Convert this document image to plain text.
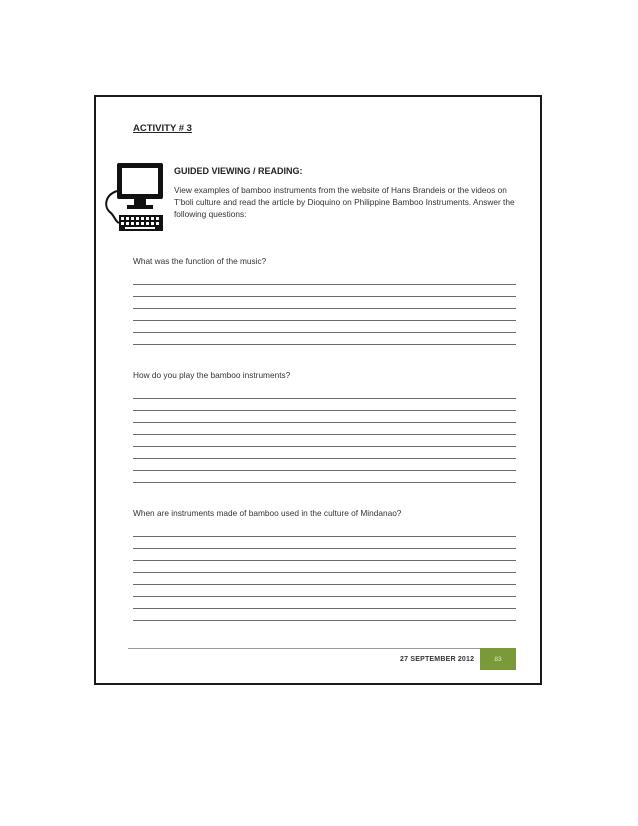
ACTIVITY # 3
GUIDED VIEWING / READING:

View examples of bamboo instruments from the website of Hans Brandeis or the videos on T'boli culture and read the article by Dioquino on Philippine Bamboo Instruments. Answer the following questions:

What was the function of the music?

How do you play the bamboo instruments?

When are instruments made of bamboo used in the culture of Mindanao?

27 SEPTEMBER 2012	83
